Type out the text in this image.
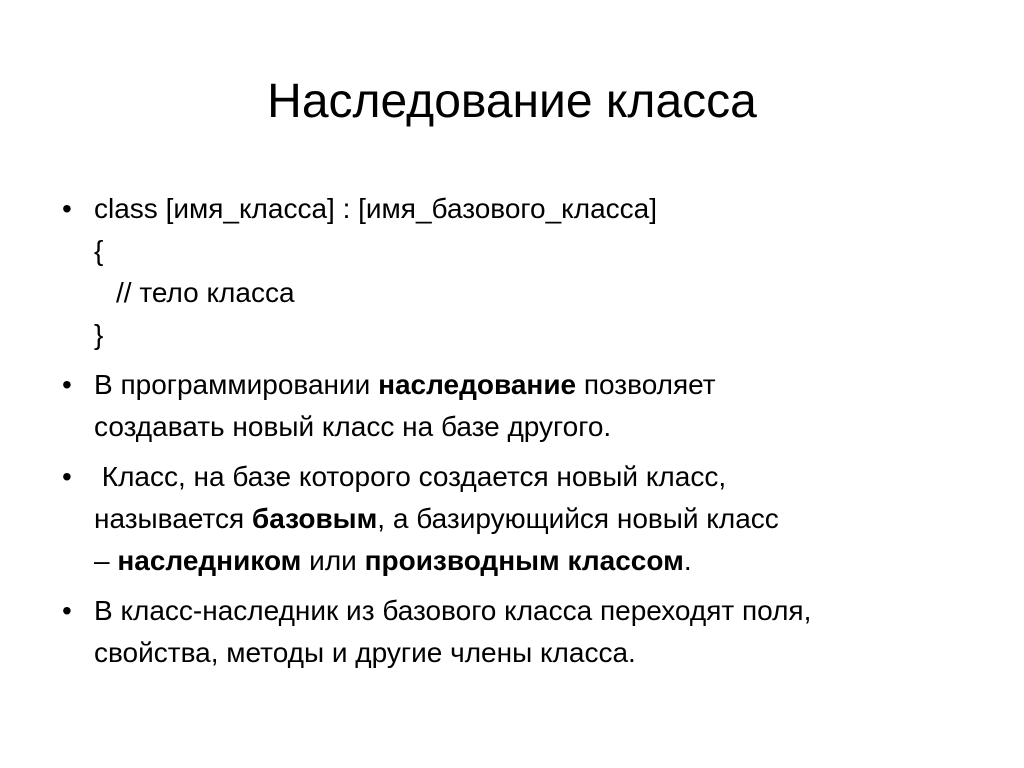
Наследование класса
• class [имя_класса] : [имя_базового_класса]
{
// тело класса
}
• В программировании наследование позволяет
создавать новый класс на базе другого.
• Класс, на базе которого создается новый класс,
называется базовым, а базирующийся новый класс
– наследником или производным классом.
• В класс-наследник из базового класса переходят поля,
свойства, методы и другие члены класса.
